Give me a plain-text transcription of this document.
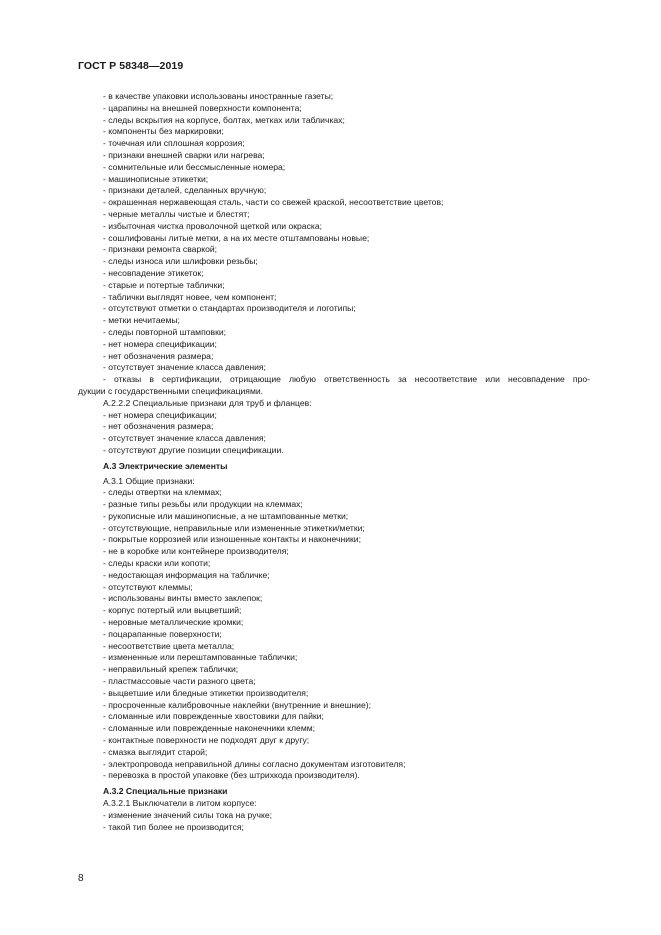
ГОСТ Р 58348—2019
- в качестве упаковки использованы иностранные газеты;
- царапины на внешней поверхности компонента;
- следы вскрытия на корпусе, болтах, метках или табличках;
- компоненты без маркировки;
- точечная или сплошная коррозия;
- признаки внешней сварки или нагрева;
- сомнительные или бессмысленные номера;
- машинописные этикетки;
- признаки деталей, сделанных вручную;
- окрашенная нержавеющая сталь, части со свежей краской, несоответствие цветов;
- черные металлы чистые и блестят;
- избыточная чистка проволочной щеткой или окраска;
- сошлифованы литые метки, а на их месте отштампованы новые;
- признаки ремонта сваркой;
- следы износа или шлифовки резьбы;
- несовпадение этикеток;
- старые и потертые таблички;
- таблички выглядят новее, чем компонент;
- отсутствуют отметки о стандартах производителя и логотипы;
- метки нечитаемы;
- следы повторной штамповки;
- нет номера спецификации;
- нет обозначения размера;
- отсутствует значение класса давления;
- отказы в сертификации, отрицающие любую ответственность за несоответствие или несовпадение про-
дукции с государственными спецификациями.
А.2.2.2 Специальные признаки для труб и фланцев:
- нет номера спецификации;
- нет обозначения размера;
- отсутствует значение класса давления;
- отсутствуют другие позиции спецификации.
А.3 Электрические элементы
А.3.1 Общие признаки:
- следы отвертки на клеммах;
- разные типы резьбы или продукции на клеммах;
- рукописные или машинописные, а не штампованные метки;
- отсутствующие, неправильные или измененные этикетки/метки;
- покрытые коррозией или изношенные контакты и наконечники;
- не в коробке или контейнере производителя;
- следы краски или копоти;
- недостающая информация на табличке;
- отсутствуют клеммы;
- использованы винты вместо заклепок;
- корпус потертый или выцветший;
- неровные металлические кромки;
- поцарапанные поверхности;
- несоответствие цвета металла;
- измененные или перештампованные таблички;
- неправильный крепеж таблички;
- пластмассовые части разного цвета;
- выцветшие или бледные этикетки производителя;
- просроченные калибровочные наклейки (внутренние и внешние);
- сломанные или поврежденные хвостовики для пайки;
- сломанные или поврежденные наконечники клемм;
- контактные поверхности не подходят друг к другу;
- смазка выглядит старой;
- электропровода неправильной длины согласно документам изготовителя;
- перевозка в простой упаковке (без штрихкода производителя).
А.3.2 Специальные признаки
А.3.2.1 Выключатели в литом корпусе:
- изменение значений силы тока на ручке;
- такой тип более не производится;
8
